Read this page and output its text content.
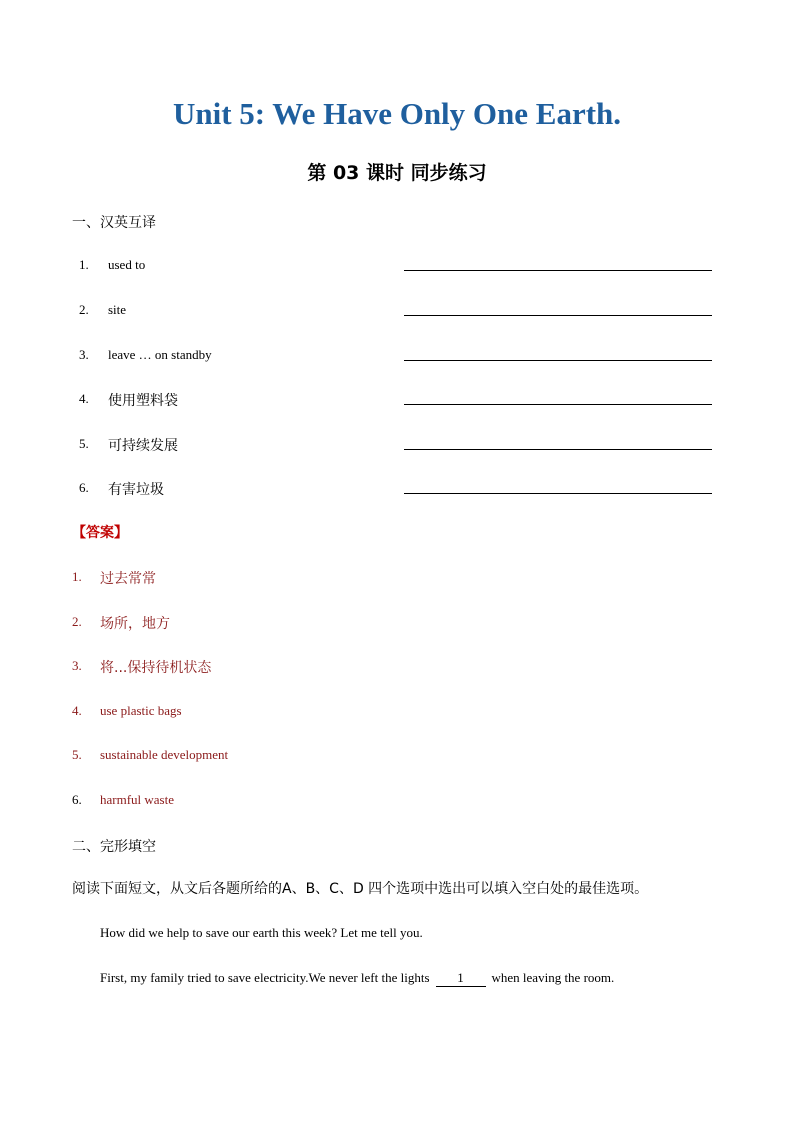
Unit 5: We Have Only One Earth.
第 03 课时 同步练习
一、汉英互译
1. used to
2. site
3. leave … on standby
4. 使用塑料袋
5. 可持续发展
6. 有害垃圾
【答案】
1. 过去常常
2. 场所，地方
3. 将...保持待机状态
4. use plastic bags
5. sustainable development
6. harmful waste
二、完形填空
阅读下面短文，从文后各题所给的A、B、C、D 四个选项中选出可以填入空白处的最佳选项。
How did we help to save our earth this week? Let me tell you.
First, my family tried to save electricity.We never left the lights 1 when leaving the room.
